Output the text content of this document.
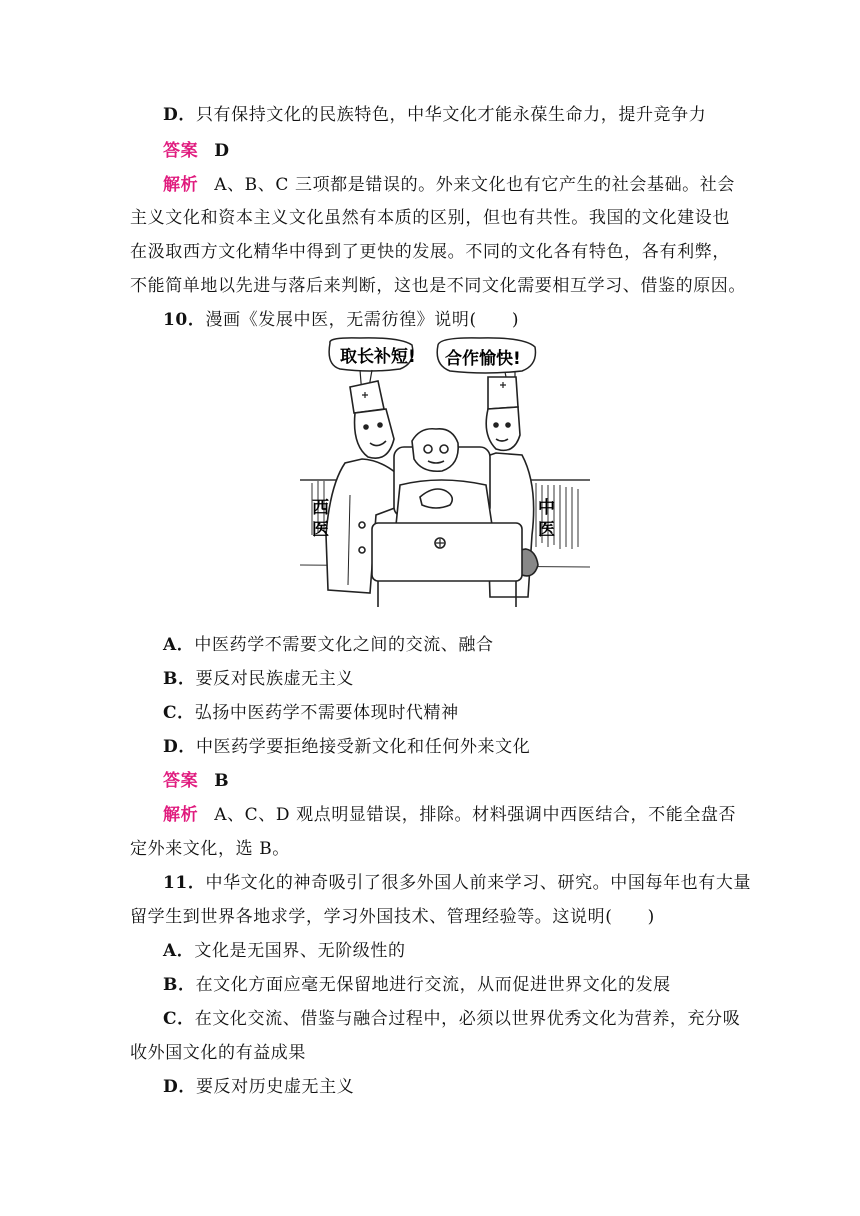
D．只有保持文化的民族特色，中华文化才能永葆生命力，提升竞争力
答案 D
解析 A、B、C 三项都是错误的。外来文化也有它产生的社会基础。社会
主义文化和资本主义文化虽然有本质的区别，但也有共性。我国的文化建设也
在汲取西方文化精华中得到了更快的发展。不同的文化各有特色，各有利弊，
不能简单地以先进与落后来判断，这也是不同文化需要相互学习、借鉴的原因。
10．漫画《发展中医，无需彷徨》说明(　　)
取长补短! 合作愉快!
西
医
中
医
A．中医药学不需要文化之间的交流、融合
B．要反对民族虚无主义
C．弘扬中医药学不需要体现时代精神
D．中医药学要拒绝接受新文化和任何外来文化
答案 B
解析 A、C、D 观点明显错误，排除。材料强调中西医结合，不能全盘否
定外来文化，选 B。
11．中华文化的神奇吸引了很多外国人前来学习、研究。中国每年也有大量
留学生到世界各地求学，学习外国技术、管理经验等。这说明(　　)
A．文化是无国界、无阶级性的
B．在文化方面应毫无保留地进行交流，从而促进世界文化的发展
C．在文化交流、借鉴与融合过程中，必须以世界优秀文化为营养，充分吸
收外国文化的有益成果
D．要反对历史虚无主义
